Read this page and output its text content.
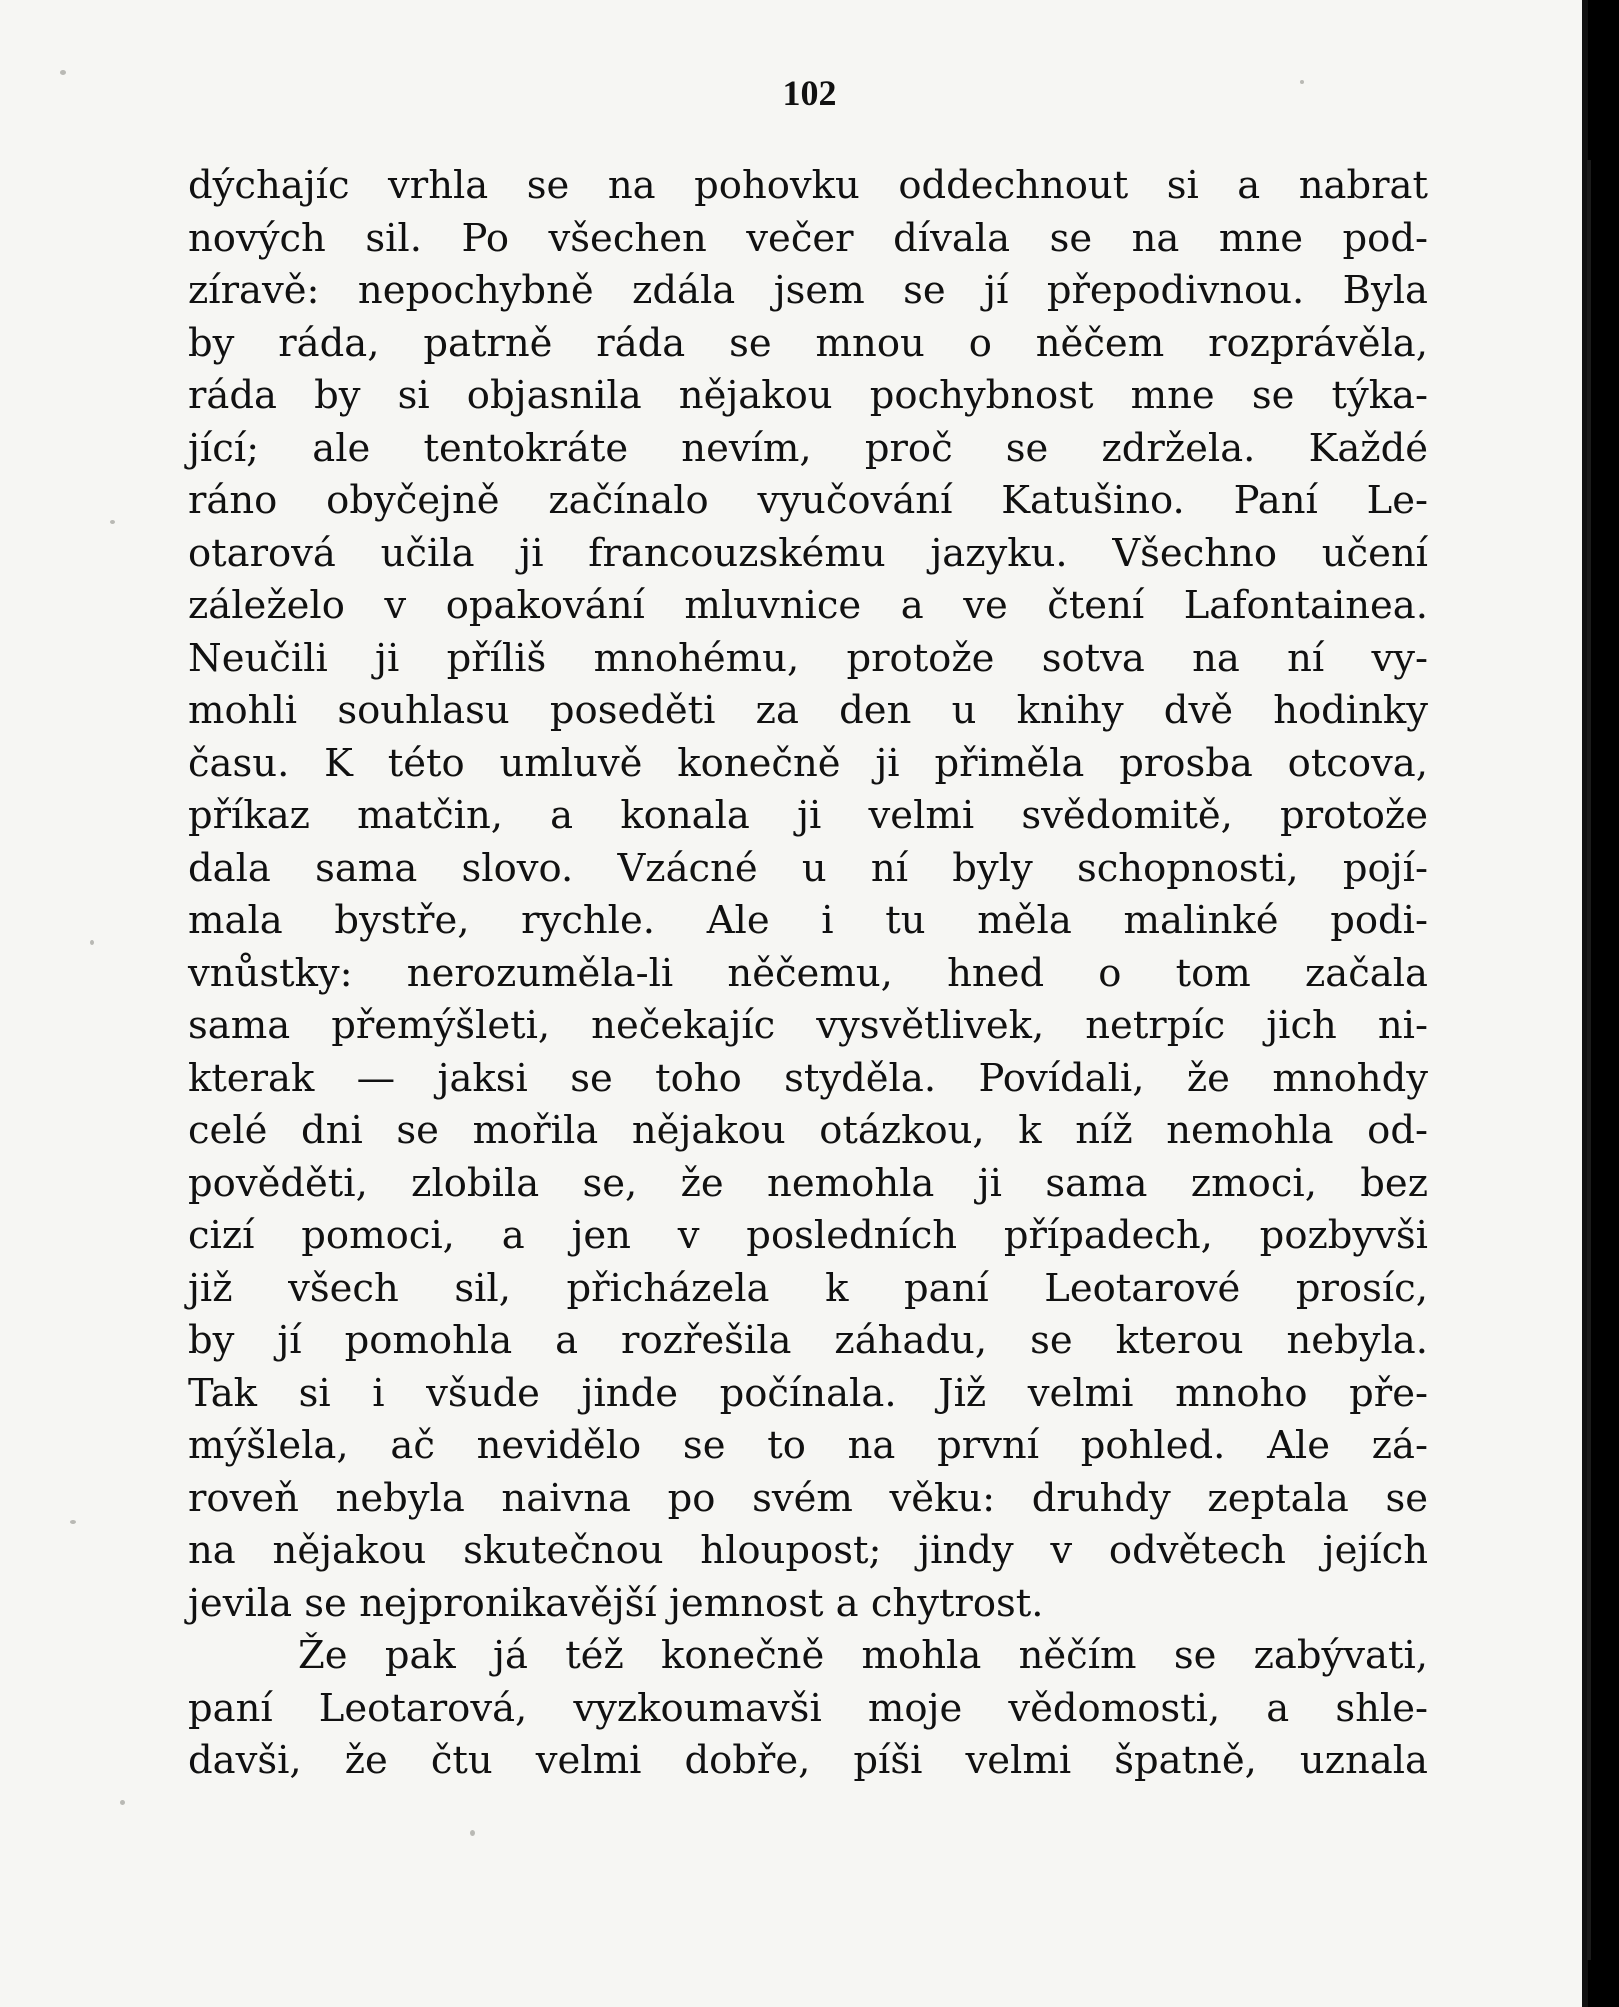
102
dýchajíc vrhla se na pohovku oddechnout si a nabrat
nových sil. Po všechen večer dívala se na mne pod-
zíravě: nepochybně zdála jsem se jí přepodivnou. Byla
by ráda, patrně ráda se mnou o něčem rozprávěla,
ráda by si objasnila nějakou pochybnost mne se týka-
jící; ale tentokráte nevím, proč se zdržela. Každé
ráno obyčejně začínalo vyučování Katušino. Paní Le-
otarová učila ji francouzskému jazyku. Všechno učení
záleželo v opakování mluvnice a ve čtení Lafontainea.
Neučili ji příliš mnohému, protože sotva na ní vy-
mohli souhlasu poseděti za den u knihy dvě hodinky
času. K této umluvě konečně ji přiměla prosba otcova,
příkaz matčin, a konala ji velmi svědomitě, protože
dala sama slovo. Vzácné u ní byly schopnosti, pojí-
mala bystře, rychle. Ale i tu měla malinké podi-
vnůstky: nerozuměla-li něčemu, hned o tom začala
sama přemýšleti, nečekajíc vysvětlivek, netrpíc jich ni-
kterak — jaksi se toho styděla. Povídali, že mnohdy
celé dni se mořila nějakou otázkou, k níž nemohla od-
pověděti, zlobila se, že nemohla ji sama zmoci, bez
cizí pomoci, a jen v posledních případech, pozbyvši
již všech sil, přicházela k paní Leotarové prosíc,
by jí pomohla a rozřešila záhadu, se kterou nebyla.
Tak si i všude jinde počínala. Již velmi mnoho pře-
mýšlela, ač nevidělo se to na první pohled. Ale zá-
roveň nebyla naivna po svém věku: druhdy zeptala se
na nějakou skutečnou hloupost; jindy v odvětech jejích
jevila se nejpronikavější jemnost a chytrost.
Že pak já též konečně mohla něčím se zabývati,
paní Leotarová, vyzkoumavši moje vědomosti, a shle-
davši, že čtu velmi dobře, píši velmi špatně, uznala
